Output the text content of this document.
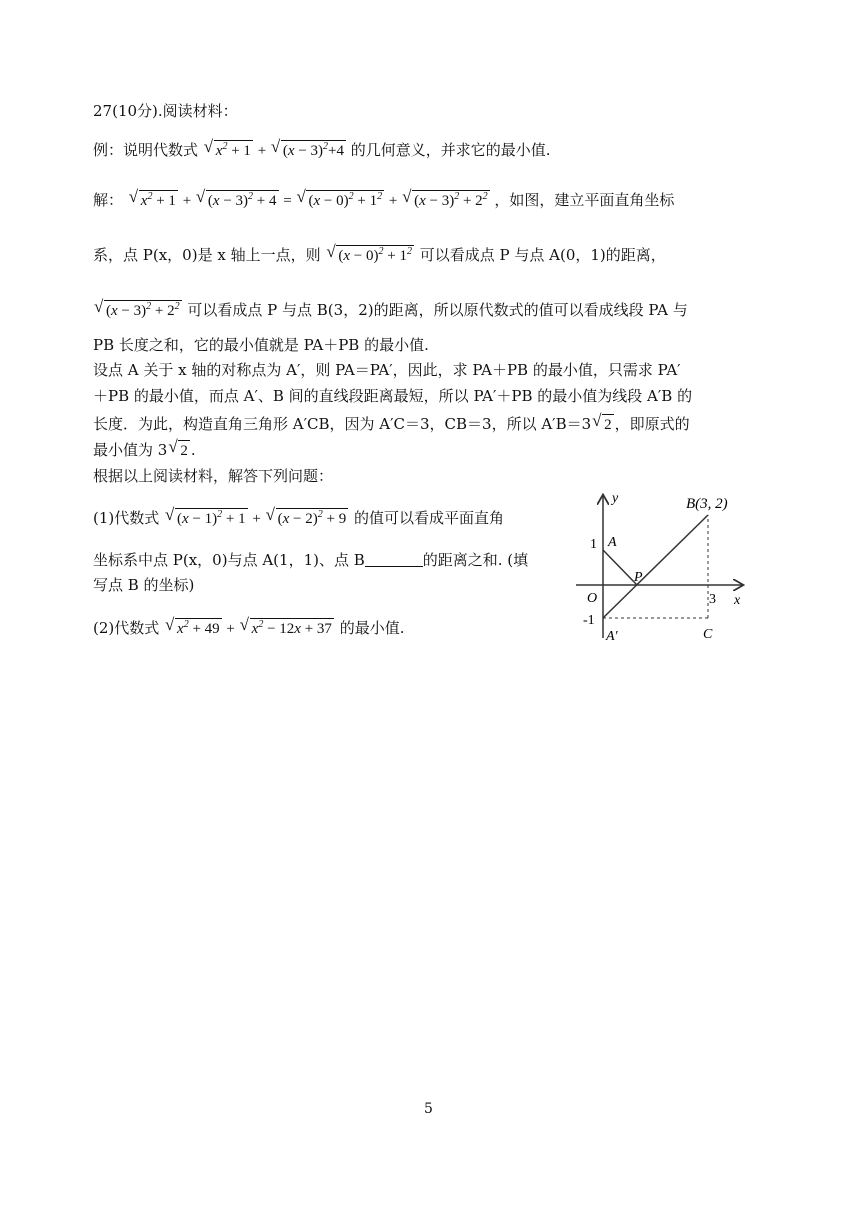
27(10分).阅读材料：
例：说明代数式 √ $x^2 + 1$ + √ $(x - 3)^2+4$ 的几何意义，并求它的最小值.
解： √ $x^2 + 1$ + √ $(x - 3)^2 + 4$ = √ $(x - 0)^2 + 1^2$ + √ $(x - 3)^2 + 2^2$ ，如图，建立平面直角坐标
系，点 P(x，0)是 x 轴上一点，则 √ $(x - 0)^2 + 1^2$ 可以看成点 P 与点 A(0，1)的距离，
√ $(x - 3)^2 + 2^2$ 可以看成点 P 与点 B(3，2)的距离，所以原代数式的值可以看成线段 PA 与
PB 长度之和，它的最小值就是 PA＋PB 的最小值.
设点 A 关于 x 轴的对称点为 A′，则 PA＝PA′，因此，求 PA＋PB 的最小值，只需求 PA′
＋PB 的最小值，而点 A′、B 间的直线段距离最短，所以 PA′＋PB 的最小值为线段 A′B 的
长度．为此，构造直角三角形 A′CB，因为 A′C＝3，CB＝3，所以 A′B＝3 √ 2 ，即原式的
最小值为 3 √ 2 .
根据以上阅读材料，解答下列问题：
(1)代数式 √ $(x - 1)^2 + 1$ + √ $(x - 2)^2 + 9$ 的值可以看成平面直角
坐标系中点 P(x，0)与点 A(1，1)、点 B	的距离之和. (填
写点 B 的坐标)
(2)代数式 √ $x^2 + 49$ + √ $x^2 - 12x + 37$ 的最小值.
y
x
B(3, 2)
A
1
P
O	3
-1
A′	C
5
